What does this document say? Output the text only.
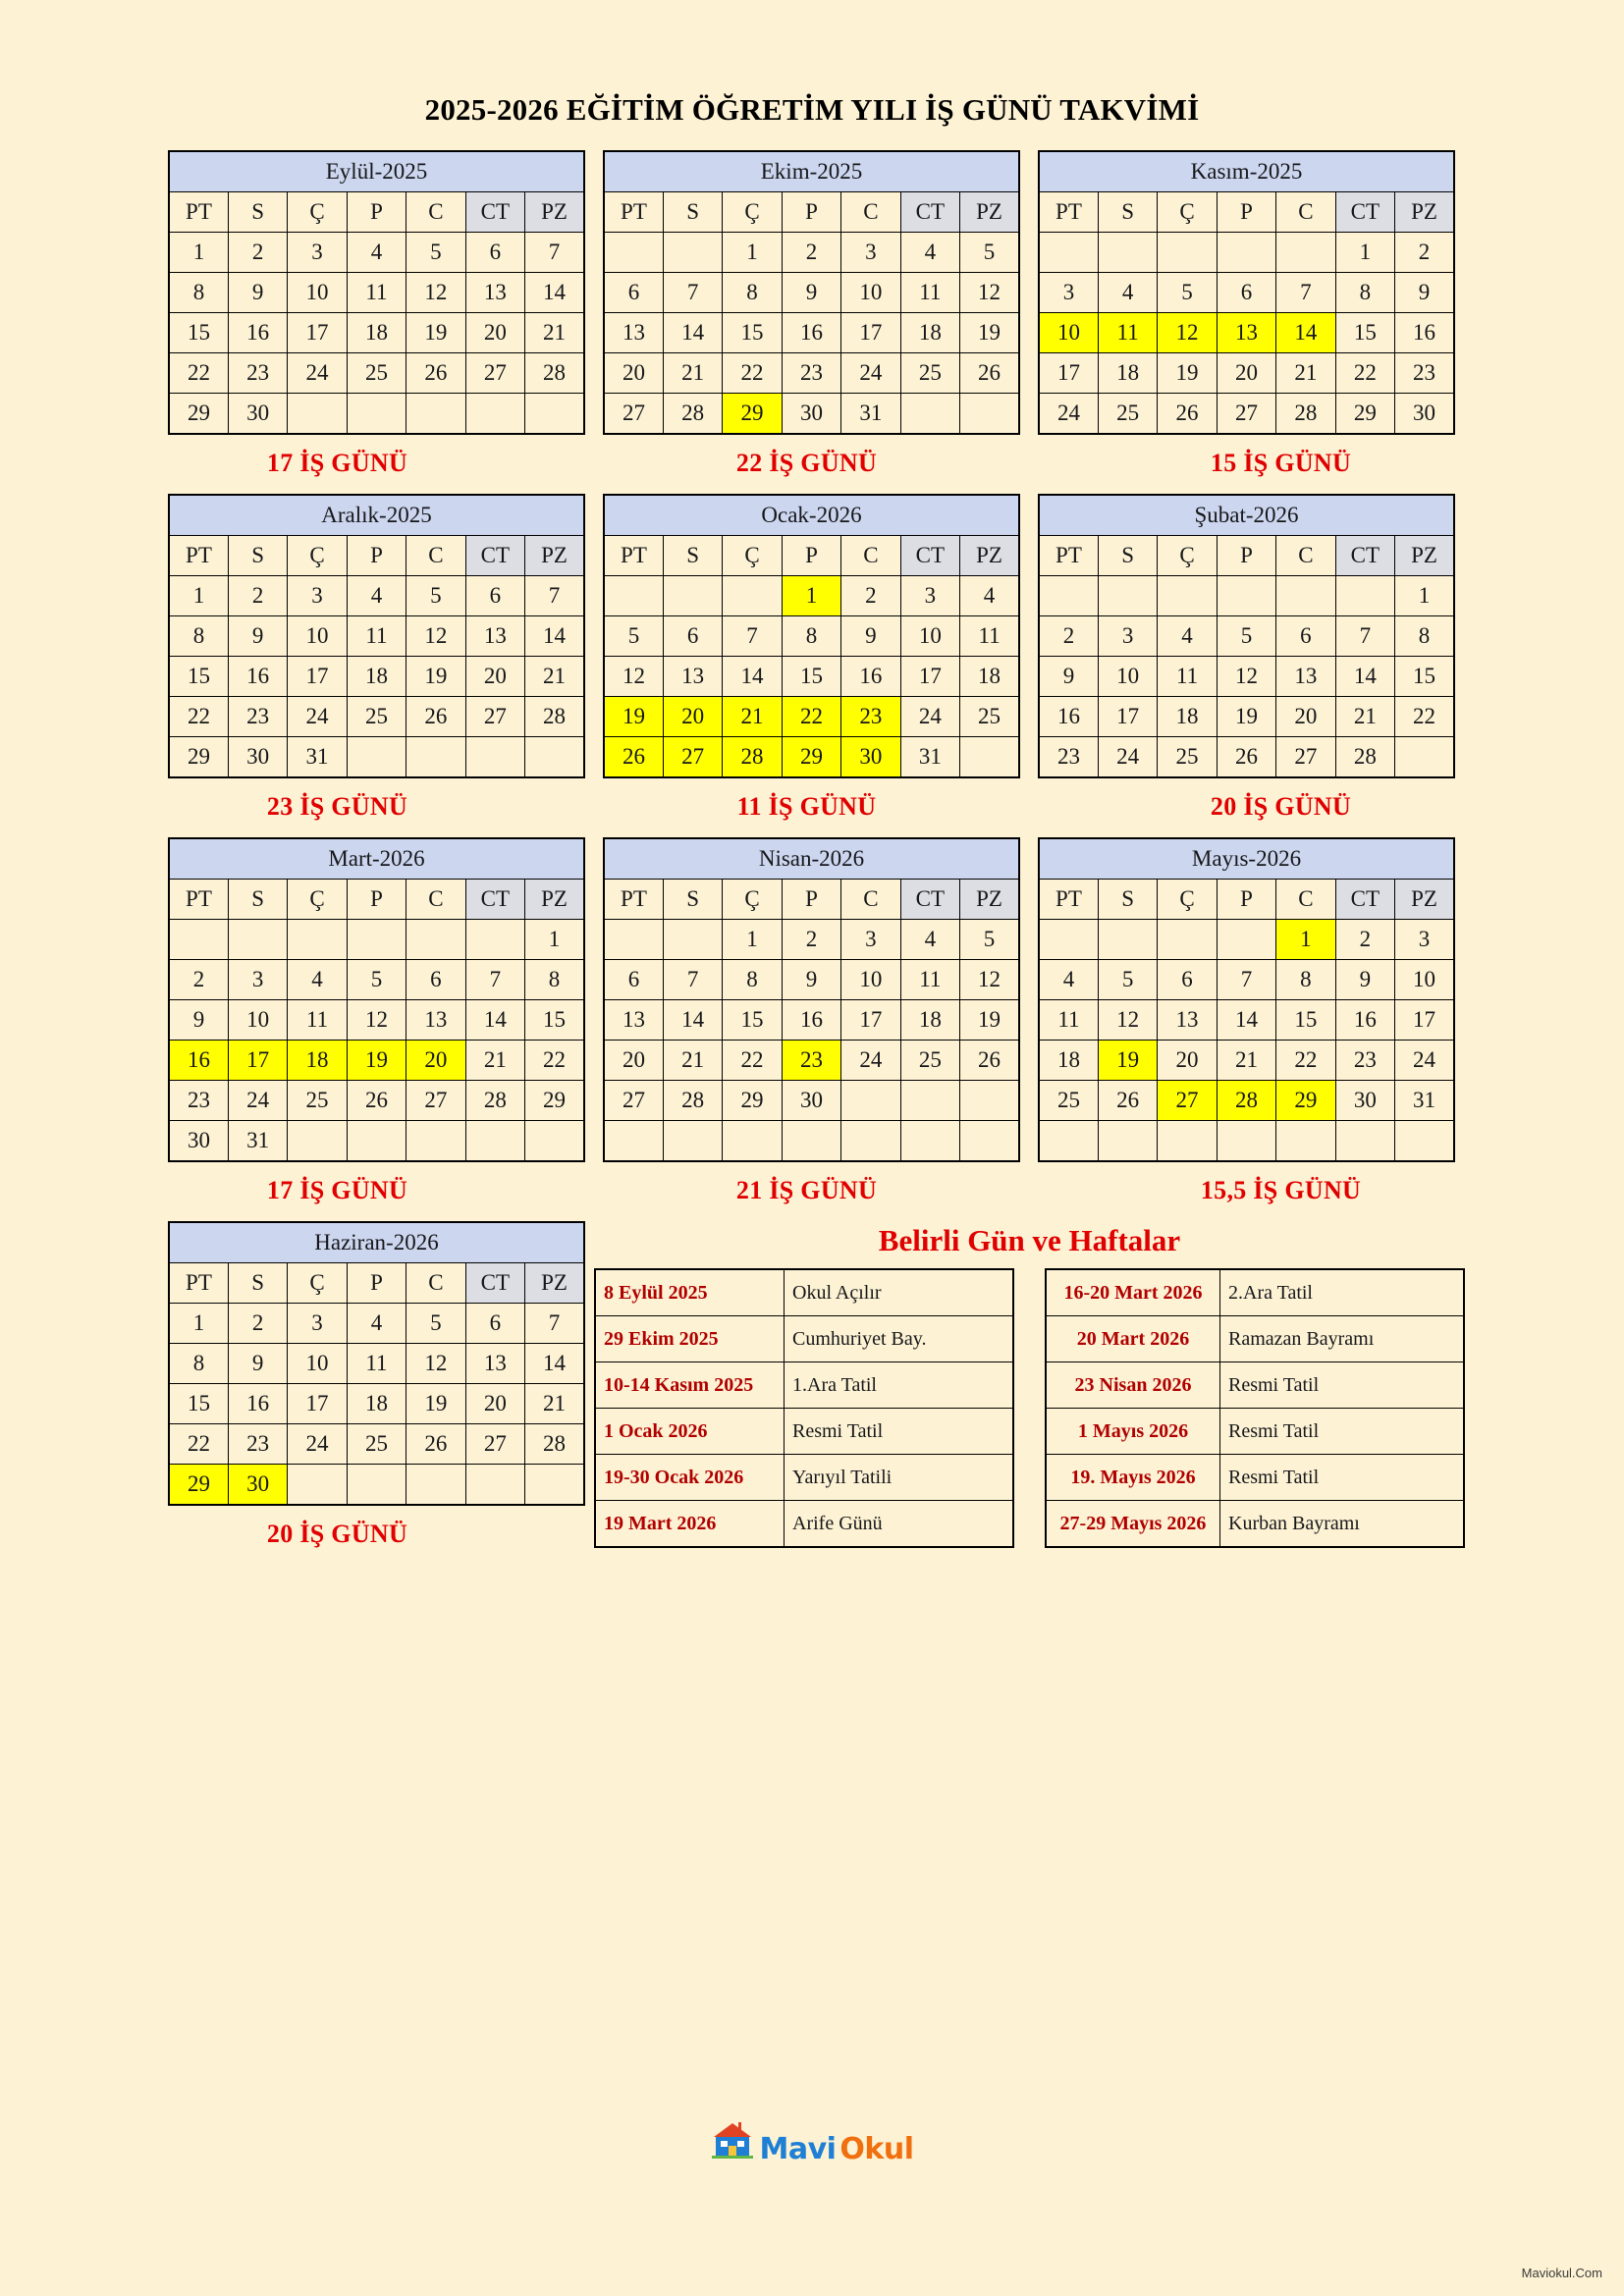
2025-2026 EĞİTİM ÖĞRETİM YILI İŞ GÜNÜ TAKVİMİ
Eylül-2025						
PT	S	Ç	P	C	CT	PZ
1	2	3	4	5	6	7
8	9	10	11	12	13	14
15	16	17	18	19	20	21
22	23	24	25	26	27	28
29	30					
17 İŞ GÜNÜ
Ekim-2025						
PT	S	Ç	P	C	CT	PZ
		1	2	3	4	5
6	7	8	9	10	11	12
13	14	15	16	17	18	19
20	21	22	23	24	25	26
27	28	29	30	31		
22 İŞ GÜNÜ
Kasım-2025						
PT	S	Ç	P	C	CT	PZ
					1	2
3	4	5	6	7	8	9
10	11	12	13	14	15	16
17	18	19	20	21	22	23
24	25	26	27	28	29	30
15 İŞ GÜNÜ
Aralık-2025						
PT	S	Ç	P	C	CT	PZ
1	2	3	4	5	6	7
8	9	10	11	12	13	14
15	16	17	18	19	20	21
22	23	24	25	26	27	28
29	30	31				
23 İŞ GÜNÜ
Ocak-2026						
PT	S	Ç	P	C	CT	PZ
			1	2	3	4
5	6	7	8	9	10	11
12	13	14	15	16	17	18
19	20	21	22	23	24	25
26	27	28	29	30	31	
11 İŞ GÜNÜ
Şubat-2026						
PT	S	Ç	P	C	CT	PZ
						1
2	3	4	5	6	7	8
9	10	11	12	13	14	15
16	17	18	19	20	21	22
23	24	25	26	27	28	
20 İŞ GÜNÜ
Mart-2026						
PT	S	Ç	P	C	CT	PZ
						1
2	3	4	5	6	7	8
9	10	11	12	13	14	15
16	17	18	19	20	21	22
23	24	25	26	27	28	29
30	31					
17 İŞ GÜNÜ
Nisan-2026						
PT	S	Ç	P	C	CT	PZ
		1	2	3	4	5
6	7	8	9	10	11	12
13	14	15	16	17	18	19
20	21	22	23	24	25	26
27	28	29	30			

21 İŞ GÜNÜ
Mayıs-2026						
PT	S	Ç	P	C	CT	PZ
				1	2	3
4	5	6	7	8	9	10
11	12	13	14	15	16	17
18	19	20	21	22	23	24
25	26	27	28	29	30	31

15,5 İŞ GÜNÜ
Haziran-2026						
PT	S	Ç	P	C	CT	PZ
1	2	3	4	5	6	7
8	9	10	11	12	13	14
15	16	17	18	19	20	21
22	23	24	25	26	27	28
29	30					
20 İŞ GÜNÜ
Belirli Gün ve Haftalar
8 Eylül 2025	Okul Açılır
29 Ekim 2025	Cumhuriyet Bay.
10-14 Kasım 2025	1.Ara Tatil
1 Ocak 2026	Resmi Tatil
19-30 Ocak 2026	Yarıyıl Tatili
19 Mart 2026	Arife Günü
16-20 Mart 2026	2.Ara Tatil
20 Mart 2026	Ramazan Bayramı
23 Nisan 2026	Resmi Tatil
1 Mayıs 2026	Resmi Tatil
19. Mayıs 2026	Resmi Tatil
27-29 Mayıs 2026	Kurban Bayramı
Mavi Okul
Maviokul.Com
